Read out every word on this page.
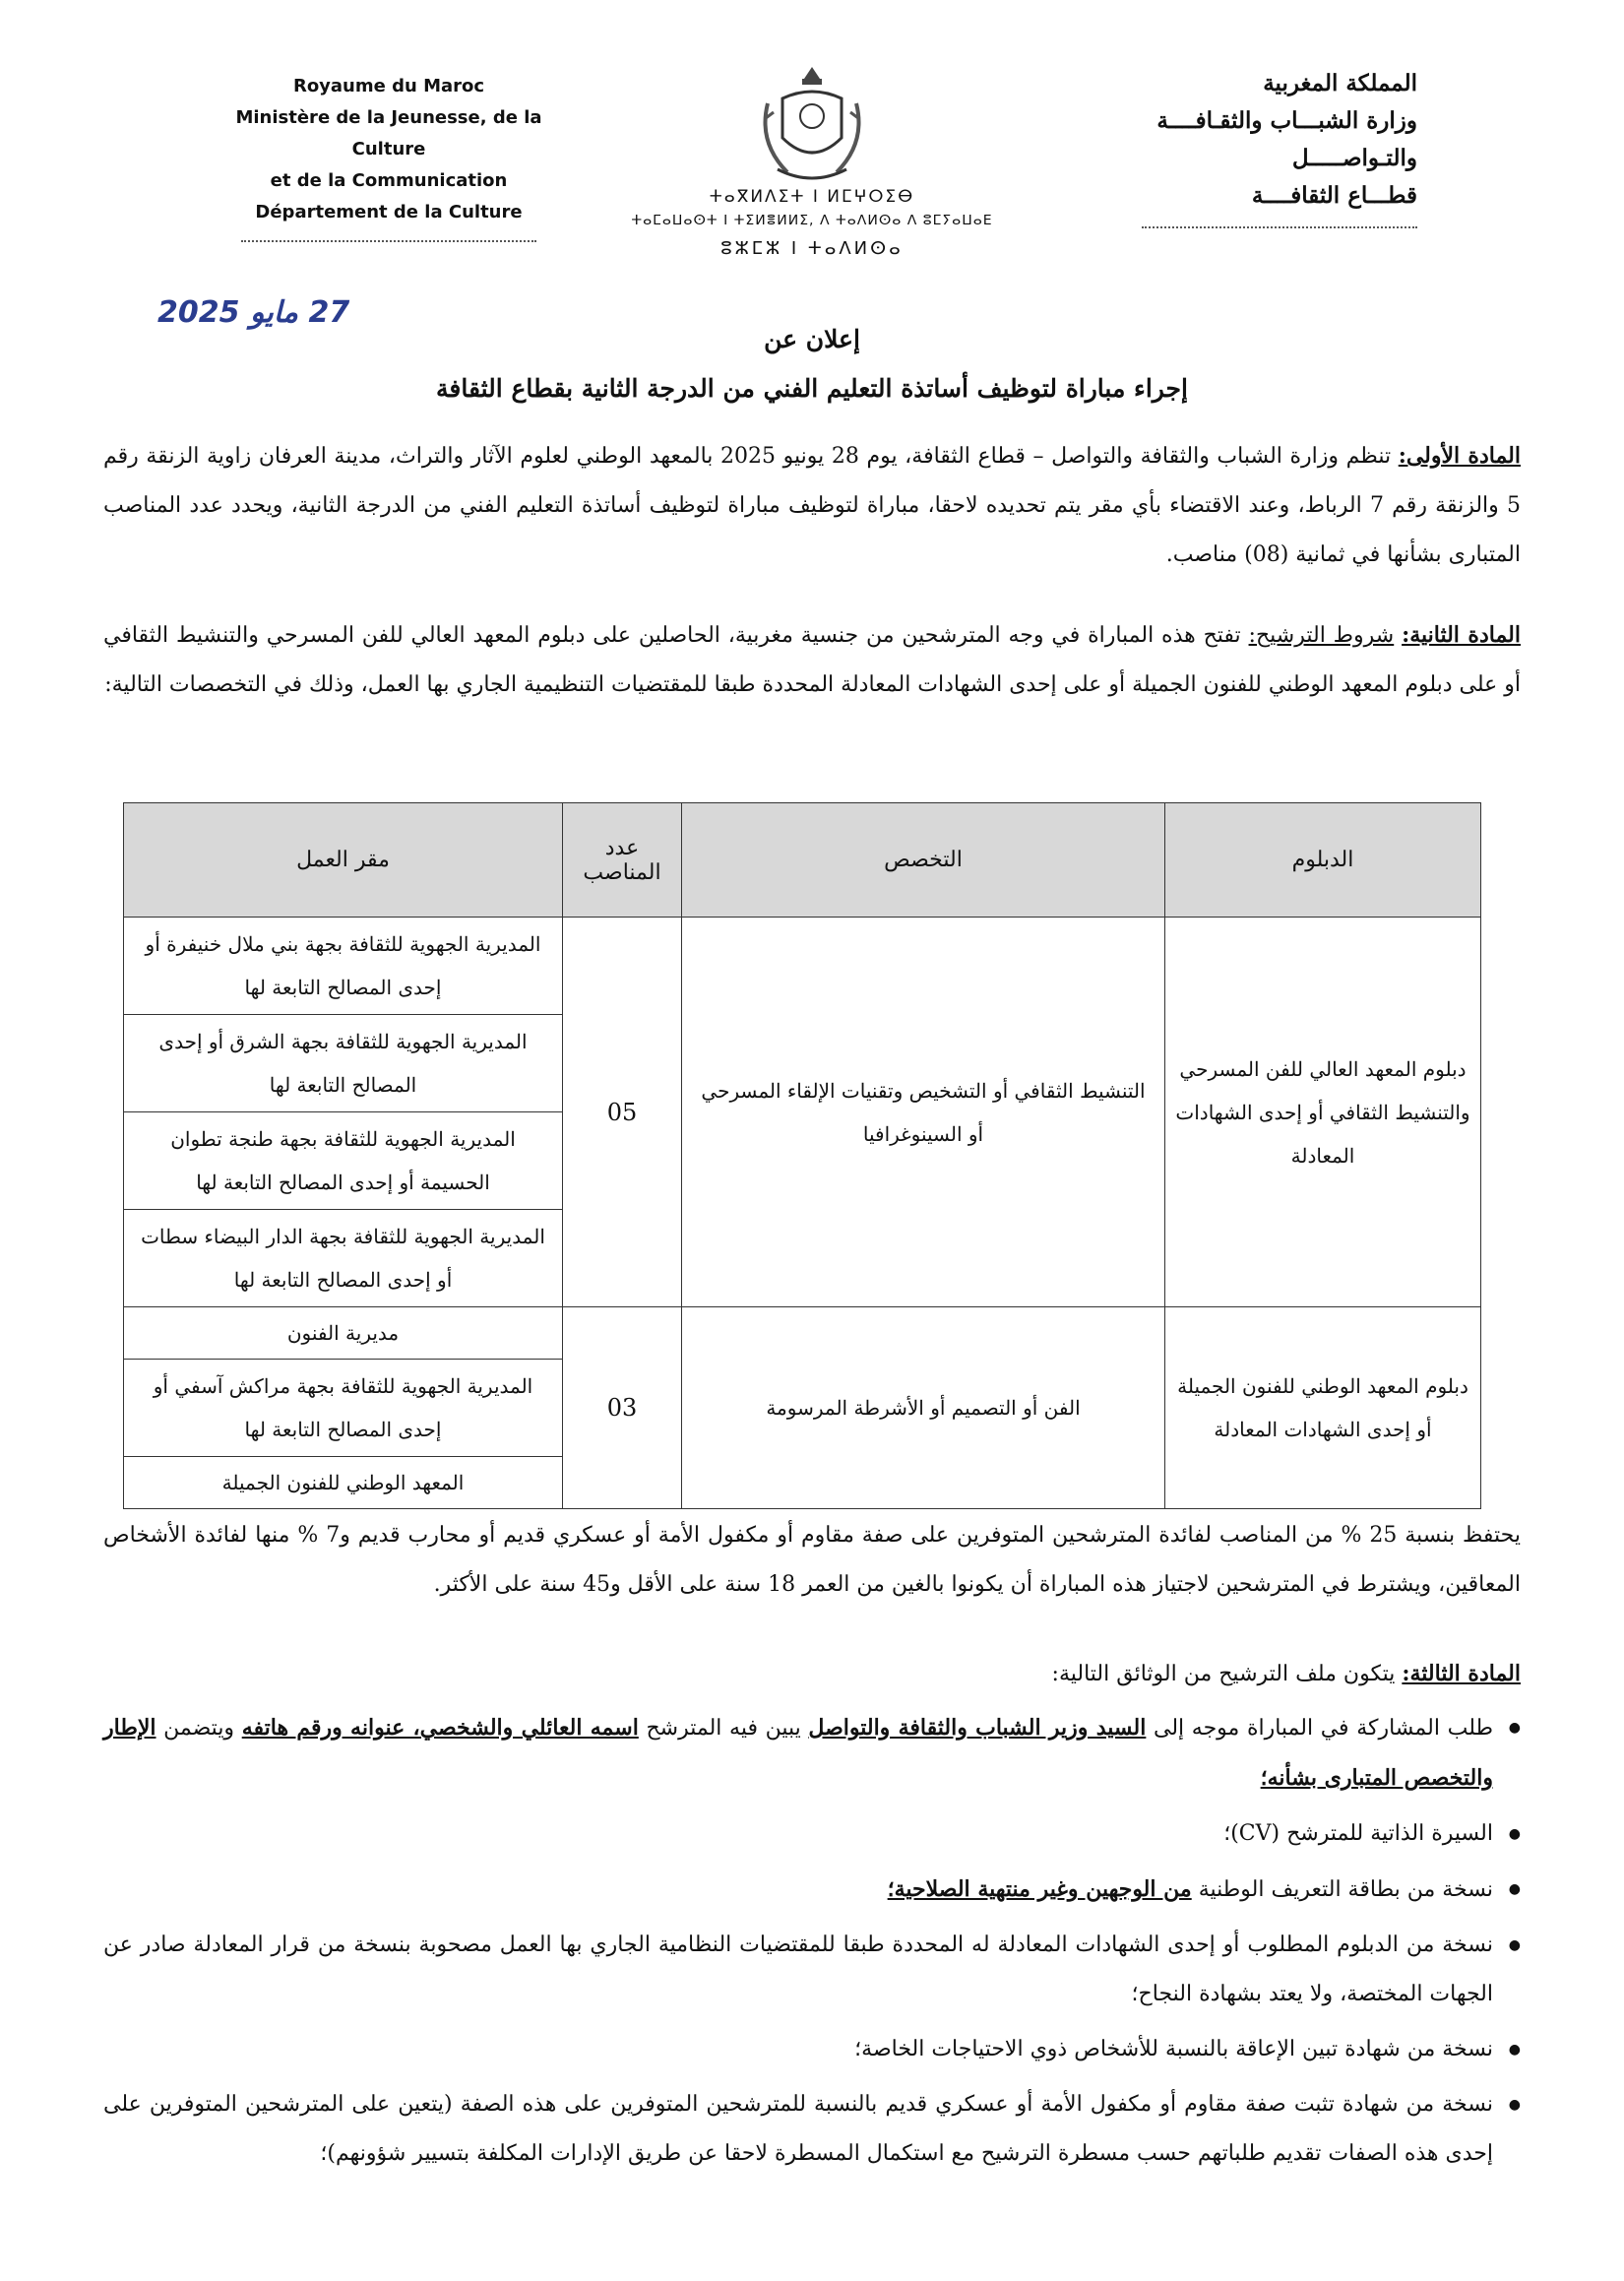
Royaume du Maroc
Ministère de la Jeunesse, de la Culture
et de la Communication
Département de la Culture
ⵜⴰⴳⵍⴷⵉⵜ ⵏ ⵍⵎⵖⵔⵉⴱ
ⵜⴰⵎⴰⵡⴰⵙⵜ ⵏ ⵜⵉⵍⴻⵍⵍⵉ, ⴷ ⵜⴰⴷⵍⵙⴰ ⴷ ⵓⵎⵢⴰⵡⴰⴹ
ⵓⵣⵎⵣ ⵏ ⵜⴰⴷⵍⵙⴰ
المملكة المغربية
وزارة الشبـــاب والثقـافــــة
والتـواصـــــل
قطـــاع الثقافــــة
27 مايو 2025
إعلان عن
إجراء مباراة لتوظيف أساتذة التعليم الفني من الدرجة الثانية بقطاع الثقافة
المادة الأولى: تنظم وزارة الشباب والثقافة والتواصل – قطاع الثقافة، يوم 28 يونيو 2025 بالمعهد الوطني لعلوم الآثار والتراث، مدينة العرفان زاوية الزنقة رقم 5 والزنقة رقم 7 الرباط، وعند الاقتضاء بأي مقر يتم تحديده لاحقا، مباراة لتوظيف مباراة لتوظيف أساتذة التعليم الفني من الدرجة الثانية، ويحدد عدد المناصب المتبارى بشأنها في ثمانية (08) مناصب.
المادة الثانية: شروط الترشيح: تفتح هذه المباراة في وجه المترشحين من جنسية مغربية، الحاصلين على دبلوم المعهد العالي للفن المسرحي والتنشيط الثقافي أو على دبلوم المعهد الوطني للفنون الجميلة أو على إحدى الشهادات المعادلة المحددة طبقا للمقتضيات التنظيمية الجاري بها العمل، وذلك في التخصصات التالية:
الدبلوم	التخصص	عدد المناصب	مقر العمل
دبلوم المعهد العالي للفن المسرحي والتنشيط الثقافي أو إحدى الشهادات المعادلة	التنشيط الثقافي أو التشخيص وتقنيات الإلقاء المسرحي أو السينوغرافيا	05	المديرية الجهوية للثقافة بجهة بني ملال خنيفرة أو إحدى المصالح التابعة لها
			المديرية الجهوية للثقافة بجهة الشرق أو إحدى المصالح التابعة لها
			المديرية الجهوية للثقافة بجهة طنجة تطوان الحسيمة أو إحدى المصالح التابعة لها
			المديرية الجهوية للثقافة بجهة الدار البيضاء سطات أو إحدى المصالح التابعة لها
دبلوم المعهد الوطني للفنون الجميلة أو إحدى الشهادات المعادلة	الفن أو التصميم أو الأشرطة المرسومة	03	مديرية الفنون
			المديرية الجهوية للثقافة بجهة مراكش آسفي أو إحدى المصالح التابعة لها
			المعهد الوطني للفنون الجميلة
يحتفظ بنسبة 25 % من المناصب لفائدة المترشحين المتوفرين على صفة مقاوم أو مكفول الأمة أو عسكري قديم أو محارب قديم و7 % منها لفائدة الأشخاص المعاقين، ويشترط في المترشحين لاجتياز هذه المباراة أن يكونوا بالغين من العمر 18 سنة على الأقل و45 سنة على الأكثر.
المادة الثالثة: يتكون ملف الترشيح من الوثائق التالية:
● طلب المشاركة في المباراة موجه إلى السيد وزير الشباب والثقافة والتواصل يبين فيه المترشح اسمه العائلي والشخصي، عنوانه ورقم هاتفه ويتضمن الإطار والتخصص المتبارى بشأنه؛
● السيرة الذاتية للمترشح (CV)؛
● نسخة من بطاقة التعريف الوطنية من الوجهين وغير منتهية الصلاحية؛
● نسخة من الدبلوم المطلوب أو إحدى الشهادات المعادلة له المحددة طبقا للمقتضيات النظامية الجاري بها العمل مصحوبة بنسخة من قرار المعادلة صادر عن الجهات المختصة، ولا يعتد بشهادة النجاح؛
● نسخة من شهادة تبين الإعاقة بالنسبة للأشخاص ذوي الاحتياجات الخاصة؛
● نسخة من شهادة تثبت صفة مقاوم أو مكفول الأمة أو عسكري قديم بالنسبة للمترشحين المتوفرين على هذه الصفة (يتعين على المترشحين المتوفرين على إحدى هذه الصفات تقديم طلباتهم حسب مسطرة الترشيح مع استكمال المسطرة لاحقا عن طريق الإدارات المكلفة بتسيير شؤونهم)؛
